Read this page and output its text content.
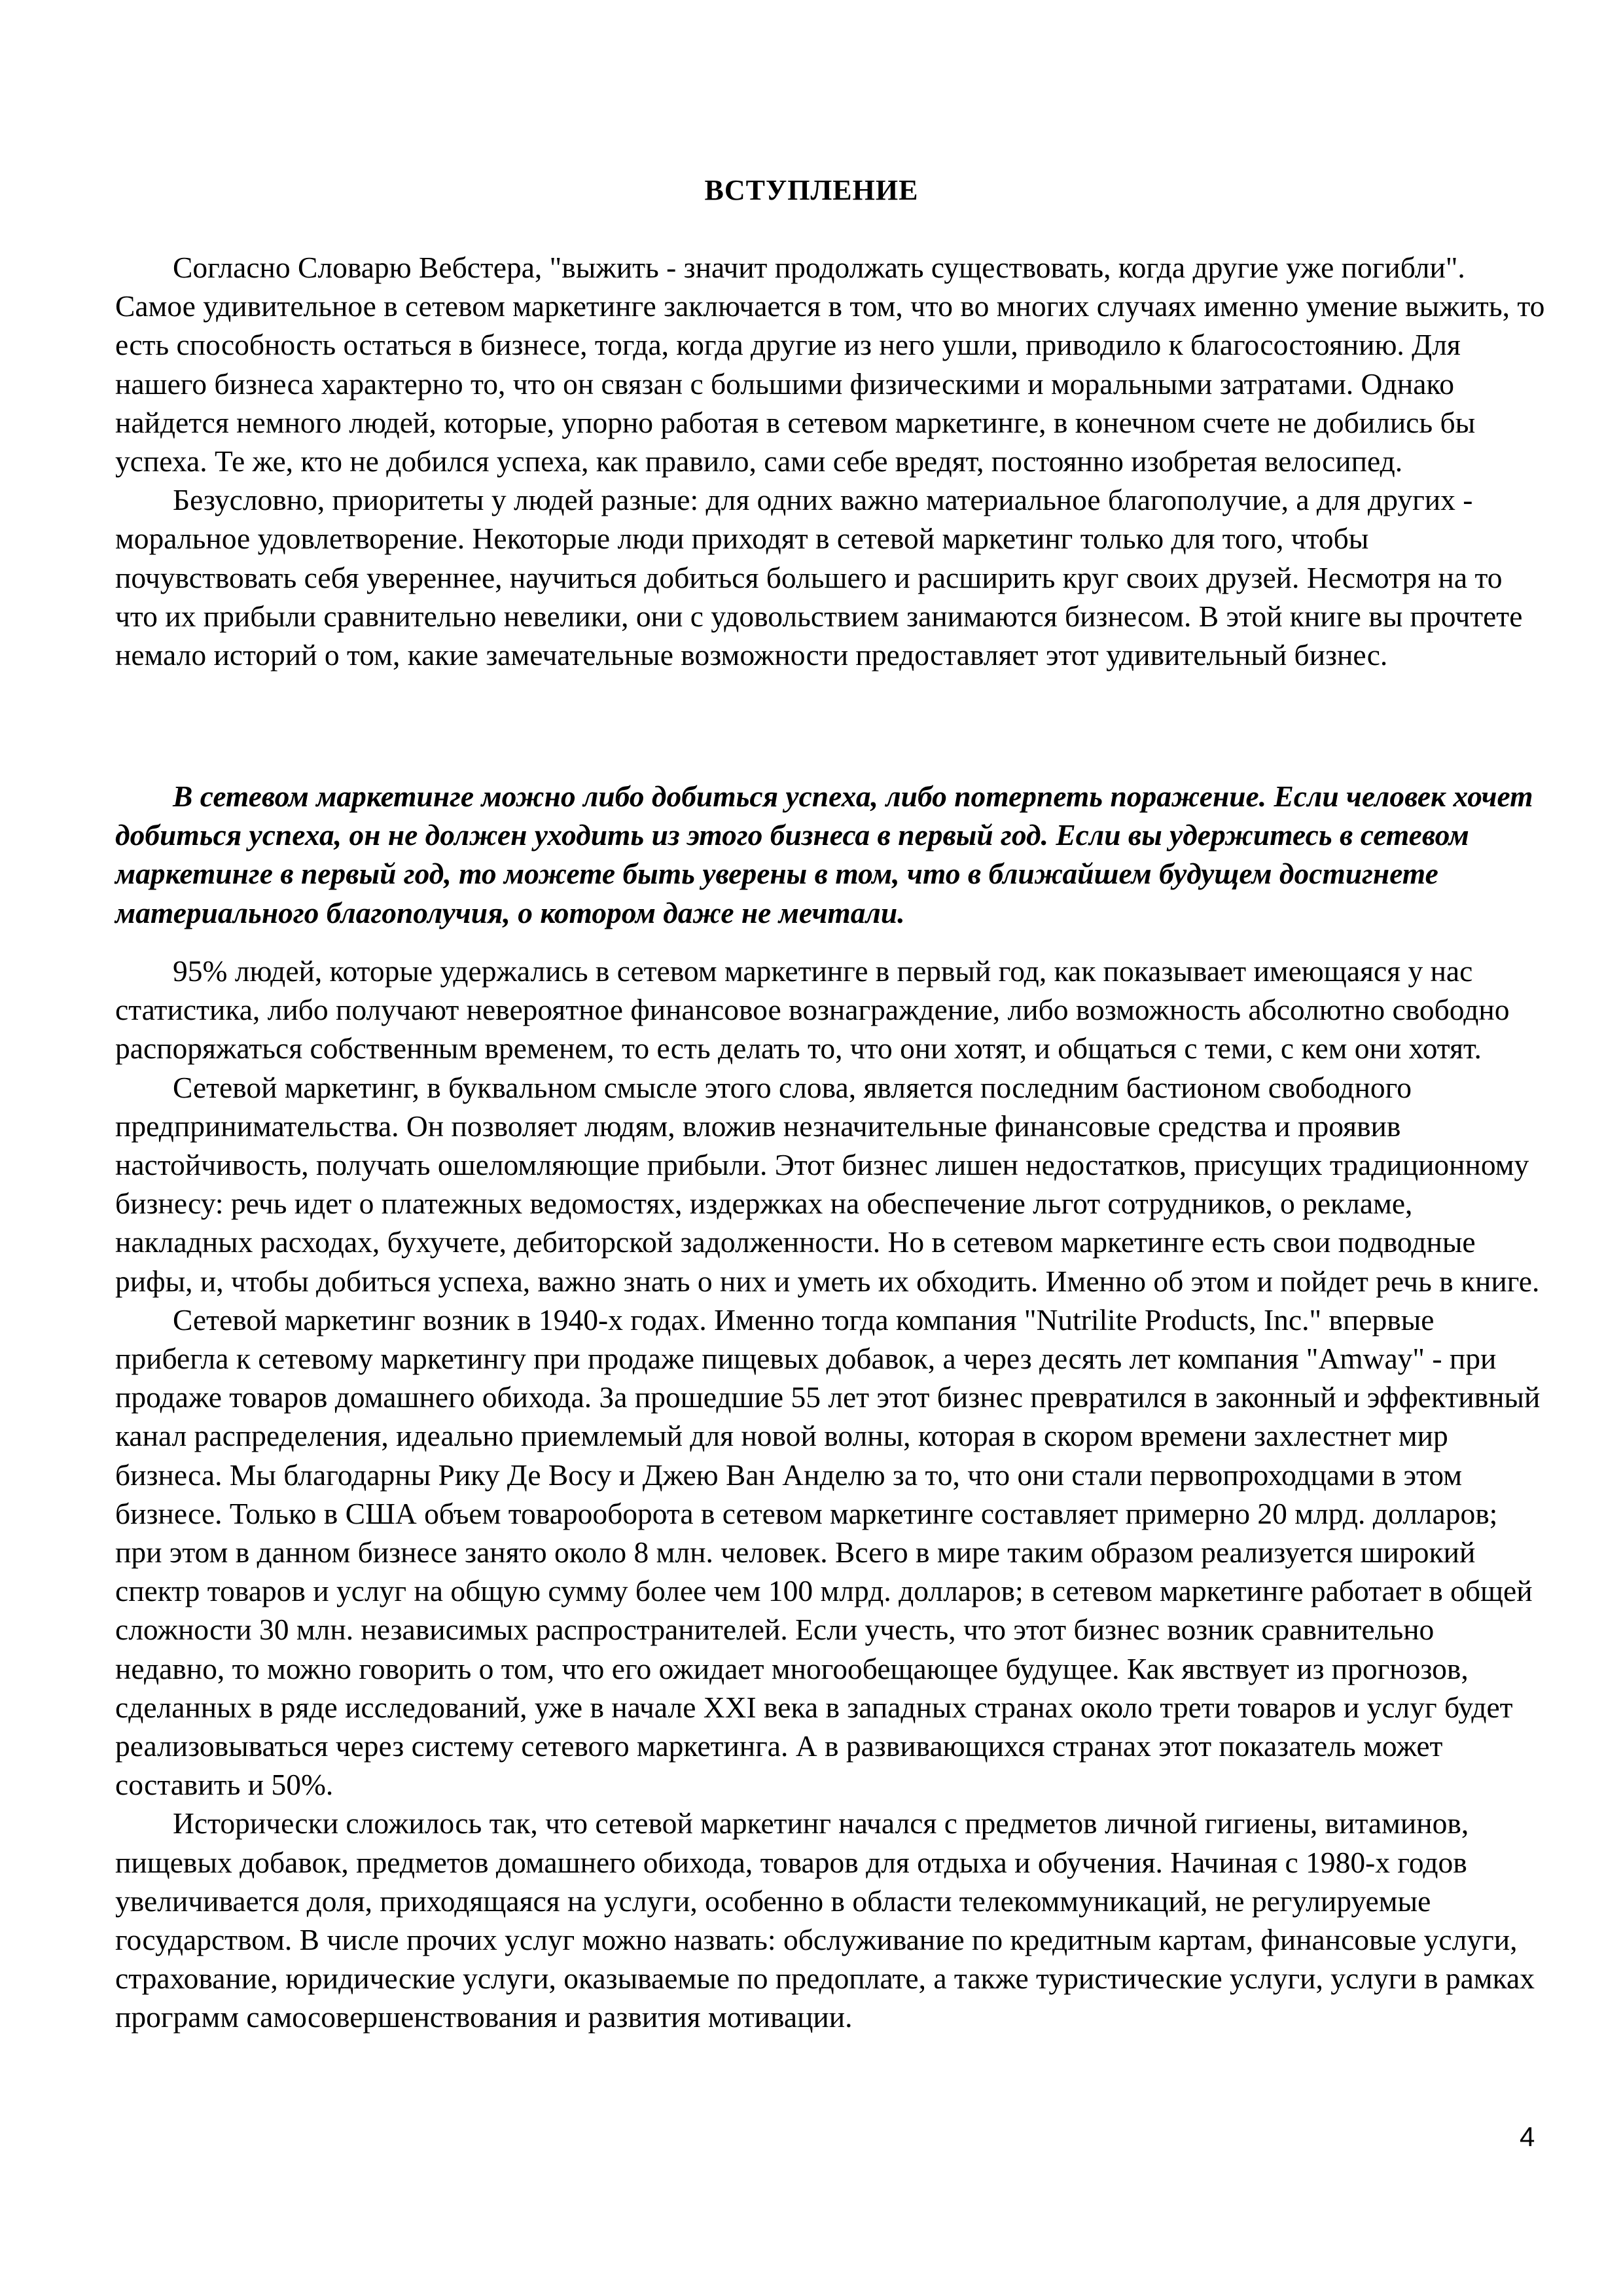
ВСТУПЛЕНИЕ

Согласно Словарю Вебстера, "выжить - значит продолжать существовать, когда другие уже погибли". Самое удивительное в сетевом маркетинге заключается в том, что во многих случаях именно умение выжить, то есть способность остаться в бизнесе, тогда, когда другие из него ушли, приводило к благосостоянию. Для нашего бизнеса характерно то, что он связан с большими физическими и моральными затратами. Однако найдется немного людей, которые, упорно работая в сетевом маркетинге, в конечном счете не добились бы успеха. Те же, кто не добился успеха, как правило, сами себе вредят, постоянно изобретая велосипед.

Безусловно, приоритеты у людей разные: для одних важно материальное благополучие, а для других - моральное удовлетворение. Некоторые люди приходят в сетевой маркетинг только для того, чтобы почувствовать себя увереннее, научиться добиться большего и расширить круг своих друзей. Несмотря на то что их прибыли сравнительно невелики, они с удовольствием занимаются бизнесом. В этой книге вы прочтете немало историй о том, какие замечательные возможности предоставляет этот удивительный бизнес.

В сетевом маркетинге можно либо добиться успеха, либо потерпеть поражение. Если человек хочет добиться успеха, он не должен уходить из этого бизнеса в первый год. Если вы удержитесь в сетевом маркетинге в первый год, то можете быть уверены в том, что в ближайшем будущем достигнете материального благополучия, о котором даже не мечтали.

95% людей, которые удержались в сетевом маркетинге в первый год, как показывает имеющаяся у нас статистика, либо получают невероятное финансовое вознаграждение, либо возможность абсолютно свободно распоряжаться собственным временем, то есть делать то, что они хотят, и общаться с теми, с кем они хотят.

Сетевой маркетинг, в буквальном смысле этого слова, является последним бастионом свободного предпринимательства. Он позволяет людям, вложив незначительные финансовые средства и проявив настойчивость, получать ошеломляющие прибыли. Этот бизнес лишен недостатков, присущих традиционному бизнесу: речь идет о платежных ведомостях, издержках на обеспечение льгот сотрудников, о рекламе, накладных расходах, бухучете, дебиторской задолженности. Но в сетевом маркетинге есть свои подводные рифы, и, чтобы добиться успеха, важно знать о них и уметь их обходить. Именно об этом и пойдет речь в книге.

Сетевой маркетинг возник в 1940-х годах. Именно тогда компания "Nutrilite Products, Inc." впервые прибегла к сетевому маркетингу при продаже пищевых добавок, а через десять лет компания "Amway" - при продаже товаров домашнего обихода. За прошедшие 55 лет этот бизнес превратился в законный и эффективный канал распределения, идеально приемлемый для новой волны, которая в скором времени захлестнет мир бизнеса. Мы благодарны Рику Де Восу и Джею Ван Анделю за то, что они стали первопроходцами в этом бизнесе. Только в США объем товарооборота в сетевом маркетинге составляет примерно 20 млрд. долларов; при этом в данном бизнесе занято около 8 млн. человек. Всего в мире таким образом реализуется широкий спектр товаров и услуг на общую сумму более чем 100 млрд. долларов; в сетевом маркетинге работает в общей сложности 30 млн. независимых распространителей. Если учесть, что этот бизнес возник сравнительно недавно, то можно говорить о том, что его ожидает многообещающее будущее. Как явствует из прогнозов, сделанных в ряде исследований, уже в начале XXI века в западных странах около трети товаров и услуг будет реализовываться через систему сетевого маркетинга. А в развивающихся странах этот показатель может составить и 50%.

Исторически сложилось так, что сетевой маркетинг начался с предметов личной гигиены, витаминов, пищевых добавок, предметов домашнего обихода, товаров для отдыха и обучения. Начиная с 1980-х годов увеличивается доля, приходящаяся на услуги, особенно в области телекоммуникаций, не регулируемые государством. В числе прочих услуг можно назвать: обслуживание по кредитным картам, финансовые услуги, страхование, юридические услуги, оказываемые по предоплате, а также туристические услуги, услуги в рамках программ самосовершенствования и развития мотивации.

4
